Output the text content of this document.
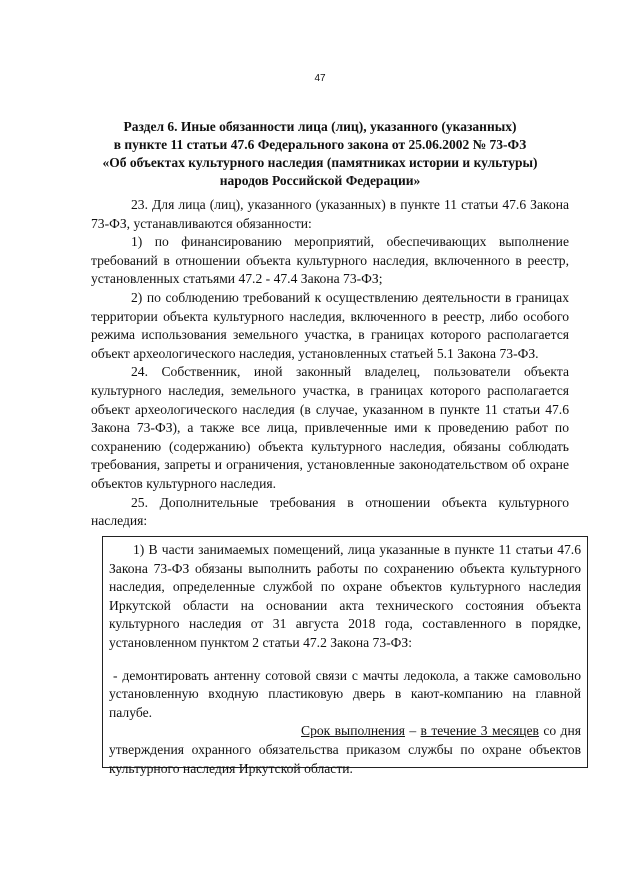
47
Раздел 6. Иные обязанности лица (лиц), указанного (указанных)
в пункте 11 статьи 47.6 Федерального закона от 25.06.2002 № 73-ФЗ
«Об объектах культурного наследия (памятниках истории и культуры)
народов Российской Федерации»

23. Для лица (лиц), указанного (указанных) в пункте 11 статьи 47.6 Закона 73-ФЗ, устанавливаются обязанности:

1) по финансированию мероприятий, обеспечивающих выполнение требований в отношении объекта культурного наследия, включенного в реестр, установленных статьями 47.2 - 47.4 Закона 73-ФЗ;

2) по соблюдению требований к осуществлению деятельности в границах территории объекта культурного наследия, включенного в реестр, либо особого режима использования земельного участка, в границах которого располагается объект археологического наследия, установленных статьей 5.1 Закона 73-ФЗ.

24. Собственник, иной законный владелец, пользователи объекта культурного наследия, земельного участка, в границах которого располагается объект археологического наследия (в случае, указанном в пункте 11 статьи 47.6 Закона 73-ФЗ), а также все лица, привлеченные ими к проведению работ по сохранению (содержанию) объекта культурного наследия, обязаны соблюдать требования, запреты и ограничения, установленные законодательством об охране объектов культурного наследия.

25. Дополнительные требования в отношении объекта культурного наследия:

1) В части занимаемых помещений, лица указанные в пункте 11 статьи 47.6 Закона 73-ФЗ обязаны выполнить работы по сохранению объекта культурного наследия, определенные службой по охране объектов культурного наследия Иркутской области на основании акта технического состояния объекта культурного наследия от 31 августа 2018 года, составленного в порядке, установленном пунктом 2 статьи 47.2 Закона 73-ФЗ:

- демонтировать антенну сотовой связи с мачты ледокола, а также самовольно установленную входную пластиковую дверь в кают-компанию на главной палубе.

Срок выполнения – в течение 3 месяцев со дня утверждения охранного обязательства приказом службы по охране объектов культурного наследия Иркутской области.
